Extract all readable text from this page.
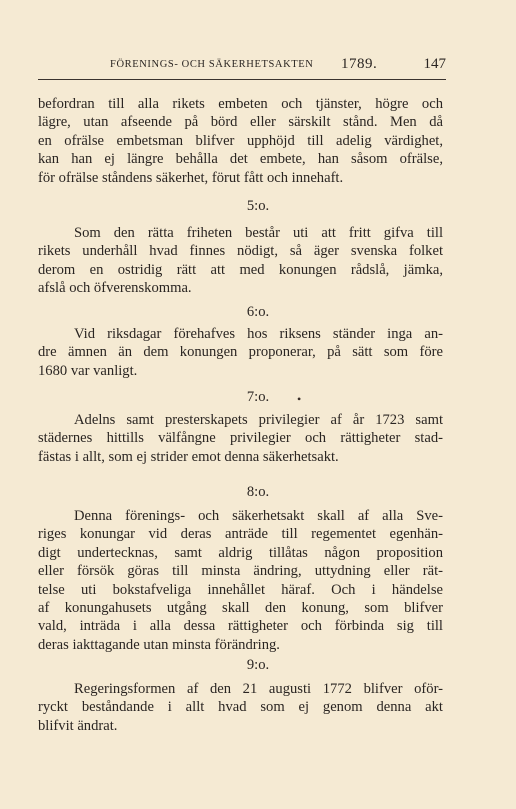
FÖRENINGS- OCH SÄKERHETSAKTEN 1789.	147

befordran till alla rikets embeten och tjänster, högre och
lägre, utan afseende på börd eller särskilt stånd. Men då
en ofrälse embetsman blifver upphöjd till adelig värdighet,
kan han ej längre behålla det embete, han såsom ofrälse,
för ofrälse ståndens säkerhet, förut fått och innehaft.

5:o.

Som den rätta friheten består uti att fritt gifva till
rikets underhåll hvad finnes nödigt, så äger svenska folket
derom en ostridig rätt att med konungen rådslå, jämka,
afslå och öfverenskomma.

6:o.

Vid riksdagar förehafves hos riksens ständer inga an-
dre ämnen än dem konungen proponerar, på sätt som före
1680 var vanligt.

7:o.	•

Adelns samt presterskapets privilegier af år 1723 samt
städernes hittills välfångne privilegier och rättigheter stad-
fästas i allt, som ej strider emot denna säkerhetsakt.

8:o.

Denna förenings- och säkerhetsakt skall af alla Sve-
riges konungar vid deras anträde till regementet egenhän-
digt undertecknas, samt aldrig tillåtas någon proposition
eller försök göras till minsta ändring, uttydning eller rät-
telse uti bokstafveliga innehållet häraf. Och i händelse
af konungahusets utgång skall den konung, som blifver
vald, inträda i alla dessa rättigheter och förbinda sig till
deras iakttagande utan minsta förändring.

9:o.

Regeringsformen af den 21 augusti 1772 blifver oför-
ryckt beståndande i allt hvad som ej genom denna akt
blifvit ändrat.
